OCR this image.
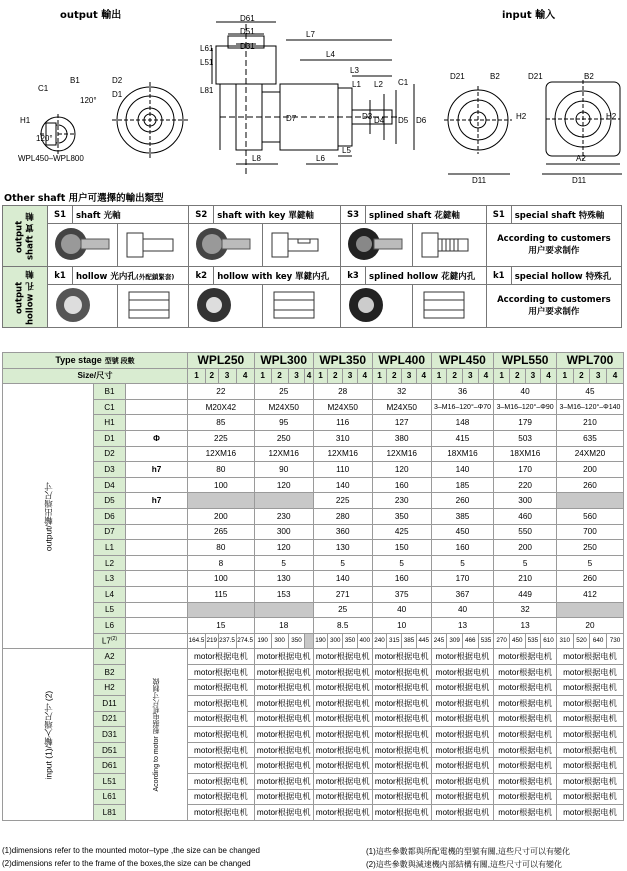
output 輸出	input 輸入
B1
C1
H1
120°
120°
D2
D1
WPL450–WPL800
D61
D51
D31
L61
L51
L7
L81
L4
L3
L1 L2 C1
D7	D3 D4 D5 D6
L8	L6
L5
D21	B2	D21	B2
H2	H2
D11
A2
D11
Other shaft 用户可選擇的輸出類型
output shaft 實 軸	S1	shaft 光軸		S2	shaft with key 單鍵軸		S3	splined shaft 花鍵軸		S1	special shaft 特殊軸

According to customers
用户要求制作	

output hollow 孔 軸	k1	hollow 光内孔(外配鎖緊套)		k2	hollow with key 單鍵内孔		k3	splined hollow 花鍵内孔		k1	special hollow 特殊孔

According to customers
用户要求制作	
Type stage 型號 段數			WPL250				WPL300				WPL350				WPL400				WPL450				WPL550				WPL700			
Size/尺寸			1	2	3	4	1	2	3	4	1	2	3	4	1	2	3	4	1	2	3	4	1	2	3	4	1	2	3	4
output/輸出端尺寸	B1		22				25				28				32				36				40				45			
	C1		M20X42				M24X50				M24X50				M24X50				3–M16–120°–Φ70				3–M16–120°–Φ90				3–M16–120°–Φ140			
	H1		85				95				116				127				148				179				210			
	D1	Φ	225				250				310				380				415				503				635			
	D2		12XM16				12XM16				12XM16				12XM16				18XM16				18XM16				24XM20			
	D3	h7	80				90				110				120				140				170				200			
	D4		100				120				140				160				185				220				260			
	D5	h7									225				230				260				300							
	D6		200				230				280				350				385				460				560			
	D7		265				300				360				425				450				550				700			
	L1		80				120				130				150				160				200				250			
	L2		8				5				5				5				5				5				5			
	L3		100				130				140				160				170				210				260			
	L4		115				153				271				375				367				449				412			
	L5										25				40				40				32							
	L6		15				18				8.5				10				13				13				20			
	L7$^{(2)}$		164.5	219	237.5	274.5	190	300	350		190	300	350	400	240	315	385	445	245	309	466	535	270	450	535	610	310	520	640	730
input (1)/輸入端尺寸 (2)	A2	Acording to motor 根据电机尺寸制做	motor根据电机				motor根据电机				motor根据电机				motor根据电机				motor根据电机				motor根据电机				motor根据电机			
	B2		motor根据电机				motor根据电机				motor根据电机				motor根据电机				motor根据电机				motor根据电机				motor根据电机			
	H2		motor根据电机				motor根据电机				motor根据电机				motor根据电机				motor根据电机				motor根据电机				motor根据电机			
	D11		motor根据电机				motor根据电机				motor根据电机				motor根据电机				motor根据电机				motor根据电机				motor根据电机			
	D21		motor根据电机				motor根据电机				motor根据电机				motor根据电机				motor根据电机				motor根据电机				motor根据电机			
	D31		motor根据电机				motor根据电机				motor根据电机				motor根据电机				motor根据电机				motor根据电机				motor根据电机			
	D51		motor根据电机				motor根据电机				motor根据电机				motor根据电机				motor根据电机				motor根据电机				motor根据电机			
	D61		motor根据电机				motor根据电机				motor根据电机				motor根据电机				motor根据电机				motor根据电机				motor根据电机			
	L51		motor根据电机				motor根据电机				motor根据电机				motor根据电机				motor根据电机				motor根据电机				motor根据电机			
	L61		motor根据电机				motor根据电机				motor根据电机				motor根据电机				motor根据电机				motor根据电机				motor根据电机			
	L81		motor根据电机				motor根据电机				motor根据电机				motor根据电机				motor根据电机				motor根据电机				motor根据电机			
(1)dimensions refer to the mounted motor–type ,the size can be changed
(2)dimensions refer to the frame of the boxes,the size can be changed
(1)這些參數都與所配電機的型號有關,這些尺寸可以有變化
(2)這些參數與減速機内部結構有關,這些尺寸可以有變化
